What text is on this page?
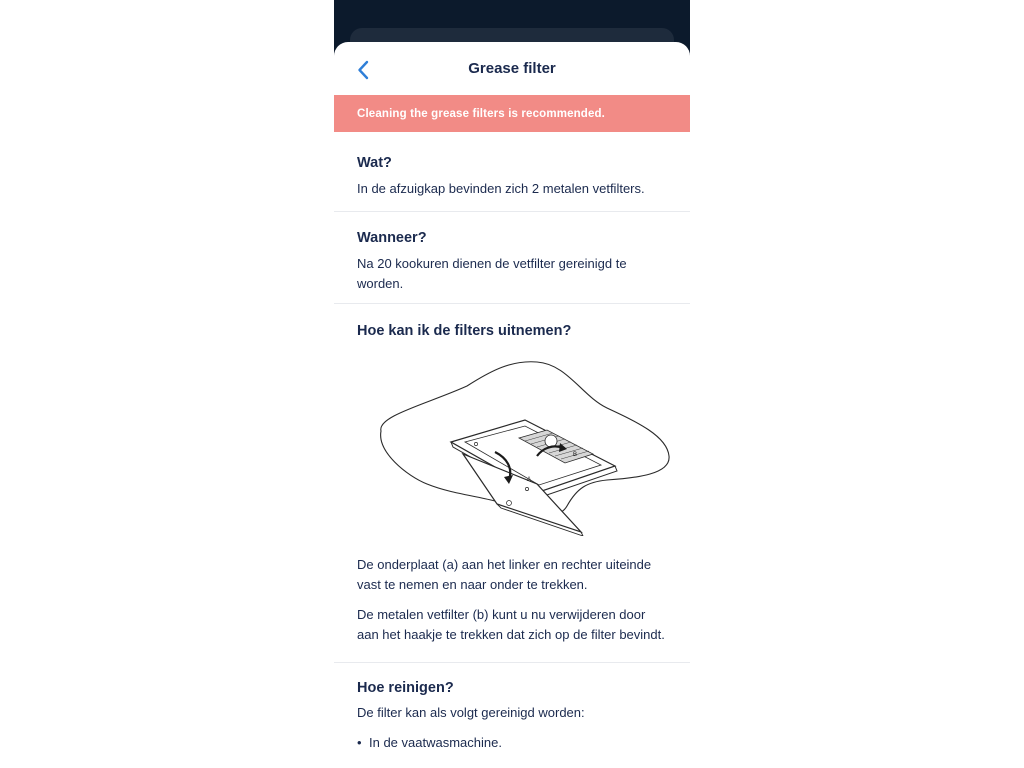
Grease filter
Cleaning the grease filters is recommended.
Wat?

In de afzuigkap bevinden zich 2 metalen vetfilters.

Wanneer?

Na 20 kookuren dienen de vetfilter gereinigd te worden.

Hoe kan ik de filters uitnemen?
A
B

De onderplaat (a) aan het linker en rechter uiteinde vast te nemen en naar onder te trekken.

De metalen vetfilter (b) kunt u nu verwijderen door aan het haakje te trekken dat zich op de filter bevindt.

Hoe reinigen?

De filter kan als volgt gereinigd worden:

• In de vaatwasmachine.
